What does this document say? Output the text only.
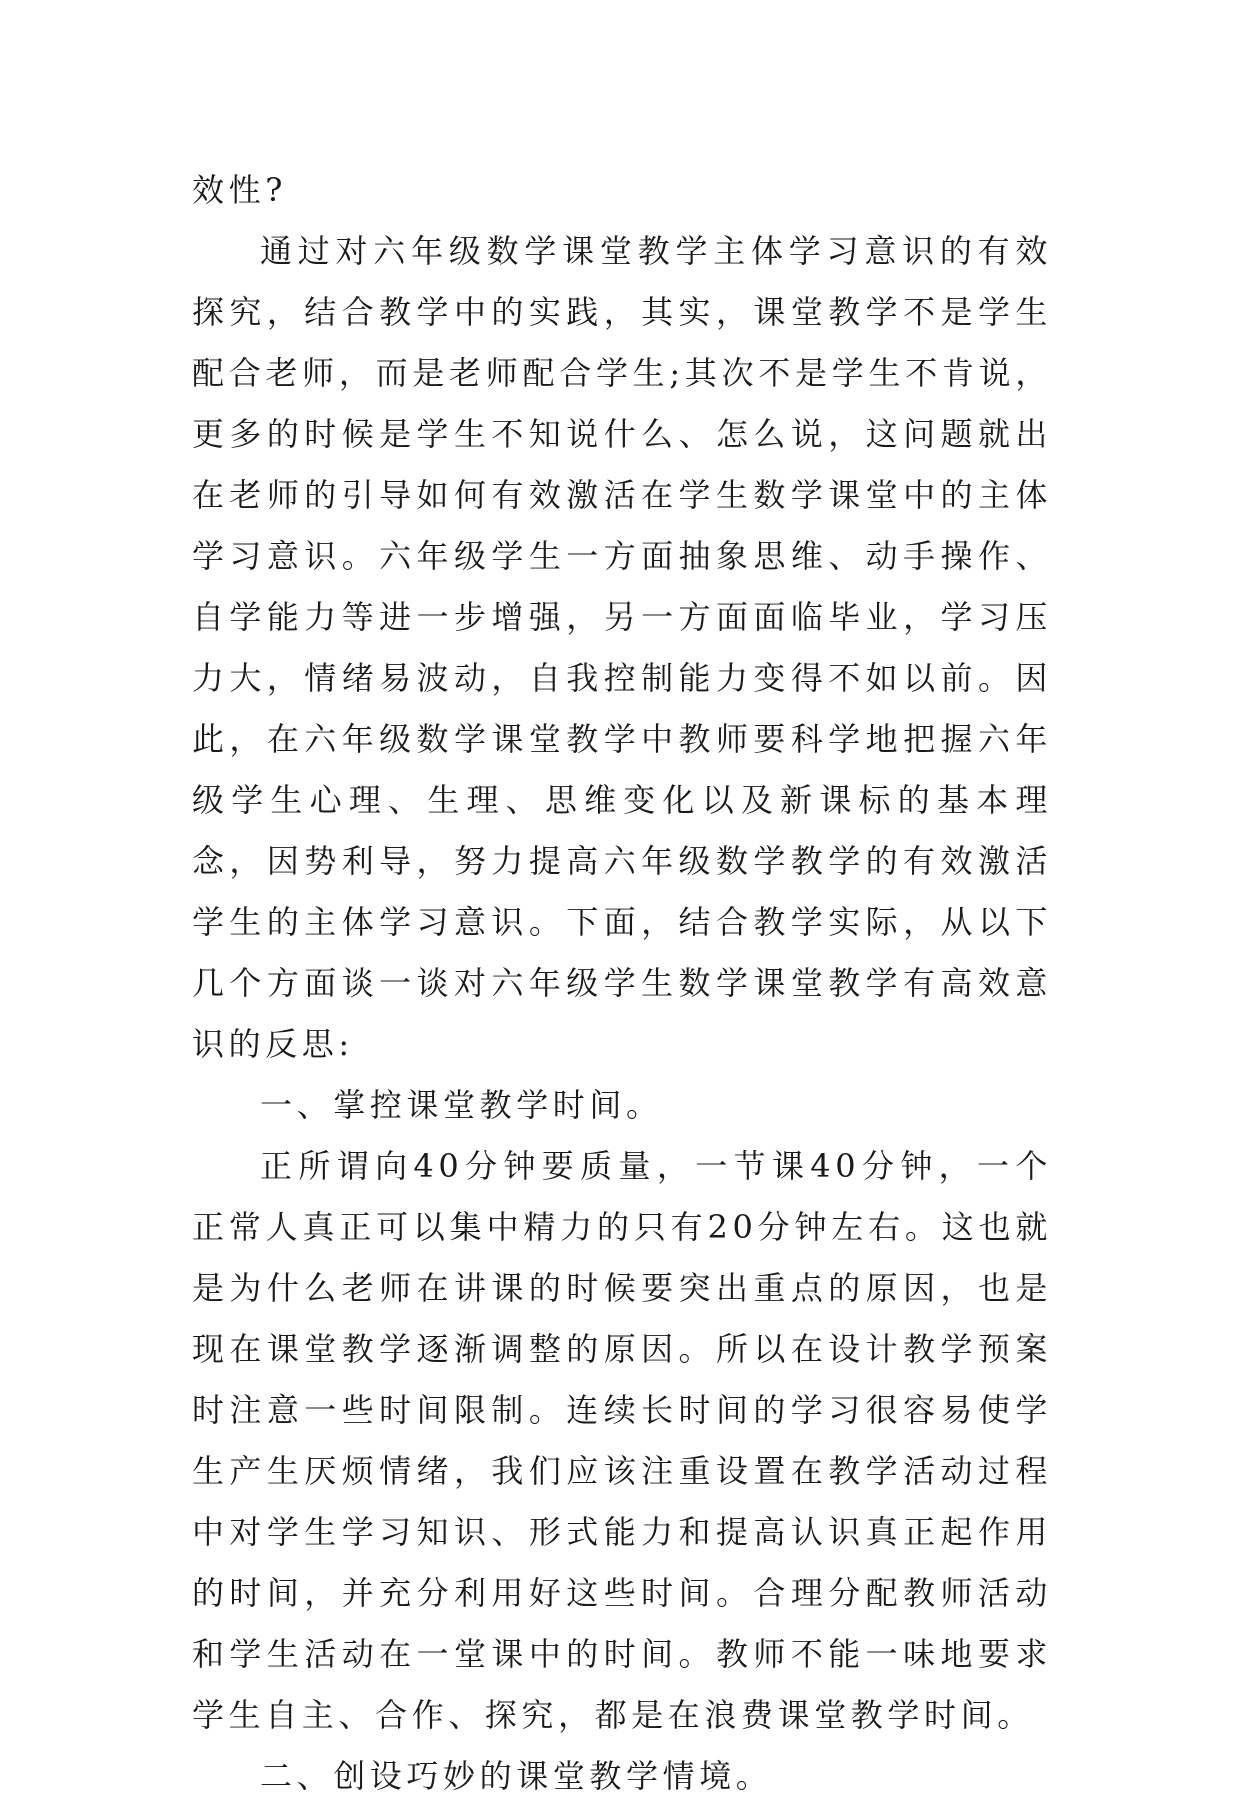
效性?

通过对六年级数学课堂教学主体学习意识的有效探究，结合教学中的实践，其实，课堂教学不是学生配合老师，而是老师配合学生;其次不是学生不肯说，更多的时候是学生不知说什么、怎么说，这问题就出在老师的引导如何有效激活在学生数学课堂中的主体学习意识。六年级学生一方面抽象思维、动手操作、自学能力等进一步增强，另一方面面临毕业，学习压力大，情绪易波动，自我控制能力变得不如以前。因此，在六年级数学课堂教学中教师要科学地把握六年级学生心理、生理、思维变化以及新课标的基本理念，因势利导，努力提高六年级数学教学的有效激活学生的主体学习意识。下面，结合教学实际，从以下几个方面谈一谈对六年级学生数学课堂教学有高效意识的反思:

一、掌控课堂教学时间。

正所谓向40分钟要质量，一节课40分钟，一个正常人真正可以集中精力的只有20分钟左右。这也就是为什么老师在讲课的时候要突出重点的原因，也是现在课堂教学逐渐调整的原因。所以在设计教学预案时注意一些时间限制。连续长时间的学习很容易使学生产生厌烦情绪，我们应该注重设置在教学活动过程中对学生学习知识、形式能力和提高认识真正起作用的时间，并充分利用好这些时间。合理分配教师活动和学生活动在一堂课中的时间。教师不能一味地要求学生自主、合作、探究，都是在浪费课堂教学时间。

二、创设巧妙的课堂教学情境。
